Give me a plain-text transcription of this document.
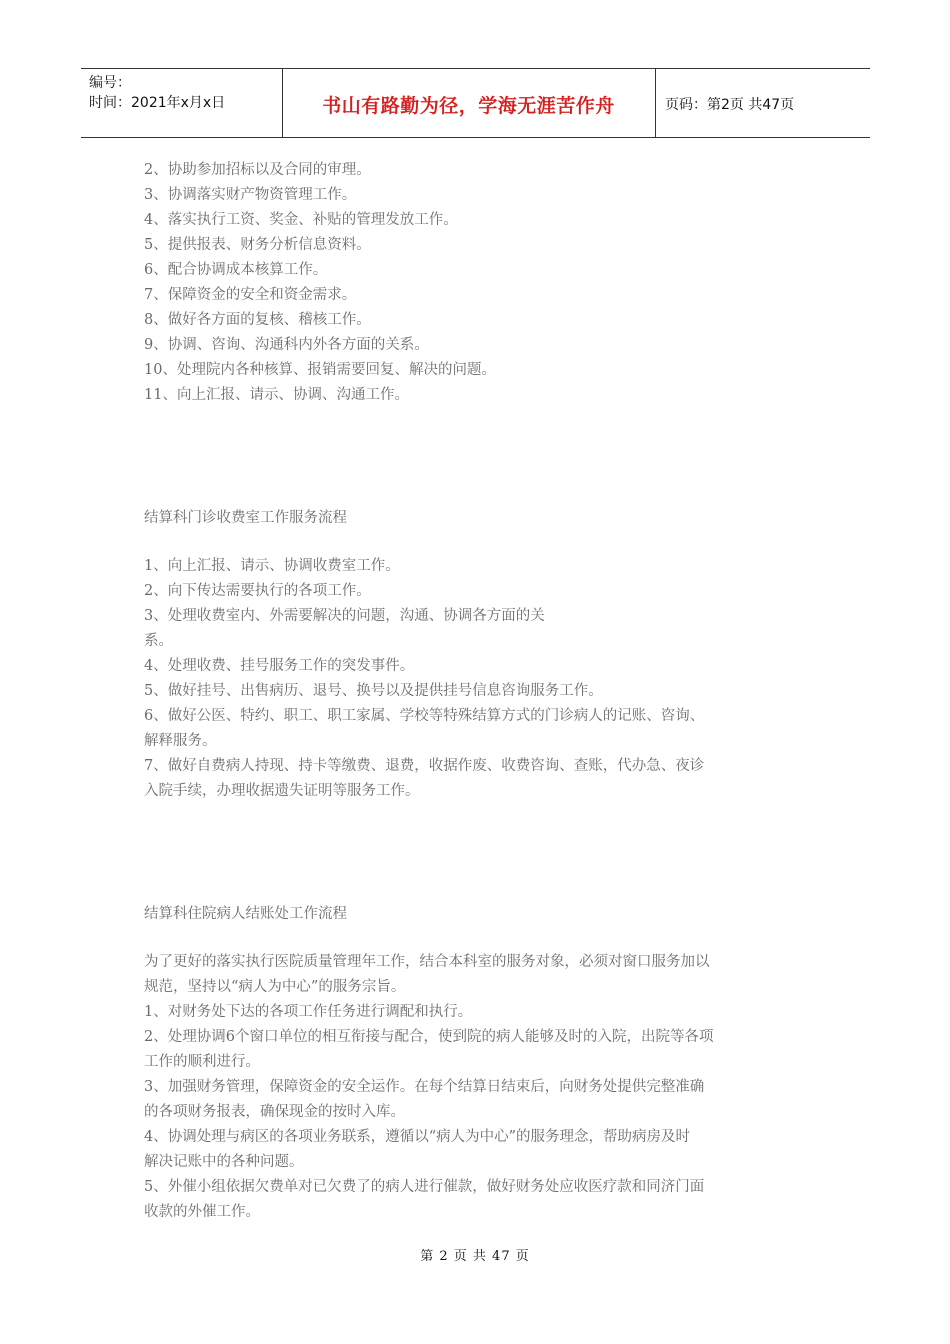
编号：
时间：2021年x月x日	书山有路勤为径，学海无涯苦作舟	页码：第2页 共47页
2、协助参加招标以及合同的审理。
3、协调落实财产物资管理工作。
4、落实执行工资、奖金、补贴的管理发放工作。
5、提供报表、财务分析信息资料。
6、配合协调成本核算工作。
7、保障资金的安全和资金需求。
8、做好各方面的复核、稽核工作。
9、协调、咨询、沟通科内外各方面的关系。
10、处理院内各种核算、报销需要回复、解决的问题。
11、向上汇报、请示、协调、沟通工作。
结算科门诊收费室工作服务流程
1、向上汇报、请示、协调收费室工作。
2、向下传达需要执行的各项工作。
3、处理收费室内、外需要解决的问题，沟通、协调各方面的关
系。
4、处理收费、挂号服务工作的突发事件。
5、做好挂号、出售病历、退号、换号以及提供挂号信息咨询服务工作。
6、做好公医、特约、职工、职工家属、学校等特殊结算方式的门诊病人的记账、咨询、
解释服务。
7、做好自费病人持现、持卡等缴费、退费，收据作废、收费咨询、查账，代办急、夜诊
入院手续，办理收据遗失证明等服务工作。
结算科住院病人结账处工作流程
为了更好的落实执行医院质量管理年工作，结合本科室的服务对象，必须对窗口服务加以
规范，坚持以“病人为中心”的服务宗旨。
1、对财务处下达的各项工作任务进行调配和执行。
2、处理协调6个窗口单位的相互衔接与配合，使到院的病人能够及时的入院，出院等各项
工作的顺利进行。
3、加强财务管理，保障资金的安全运作。在每个结算日结束后，向财务处提供完整准确
的各项财务报表，确保现金的按时入库。
4、协调处理与病区的各项业务联系，遵循以“病人为中心”的服务理念，帮助病房及时
解决记账中的各种问题。
5、外催小组依据欠费单对已欠费了的病人进行催款，做好财务处应收医疗款和同济门面
收款的外催工作。
第 2 页 共 47 页
